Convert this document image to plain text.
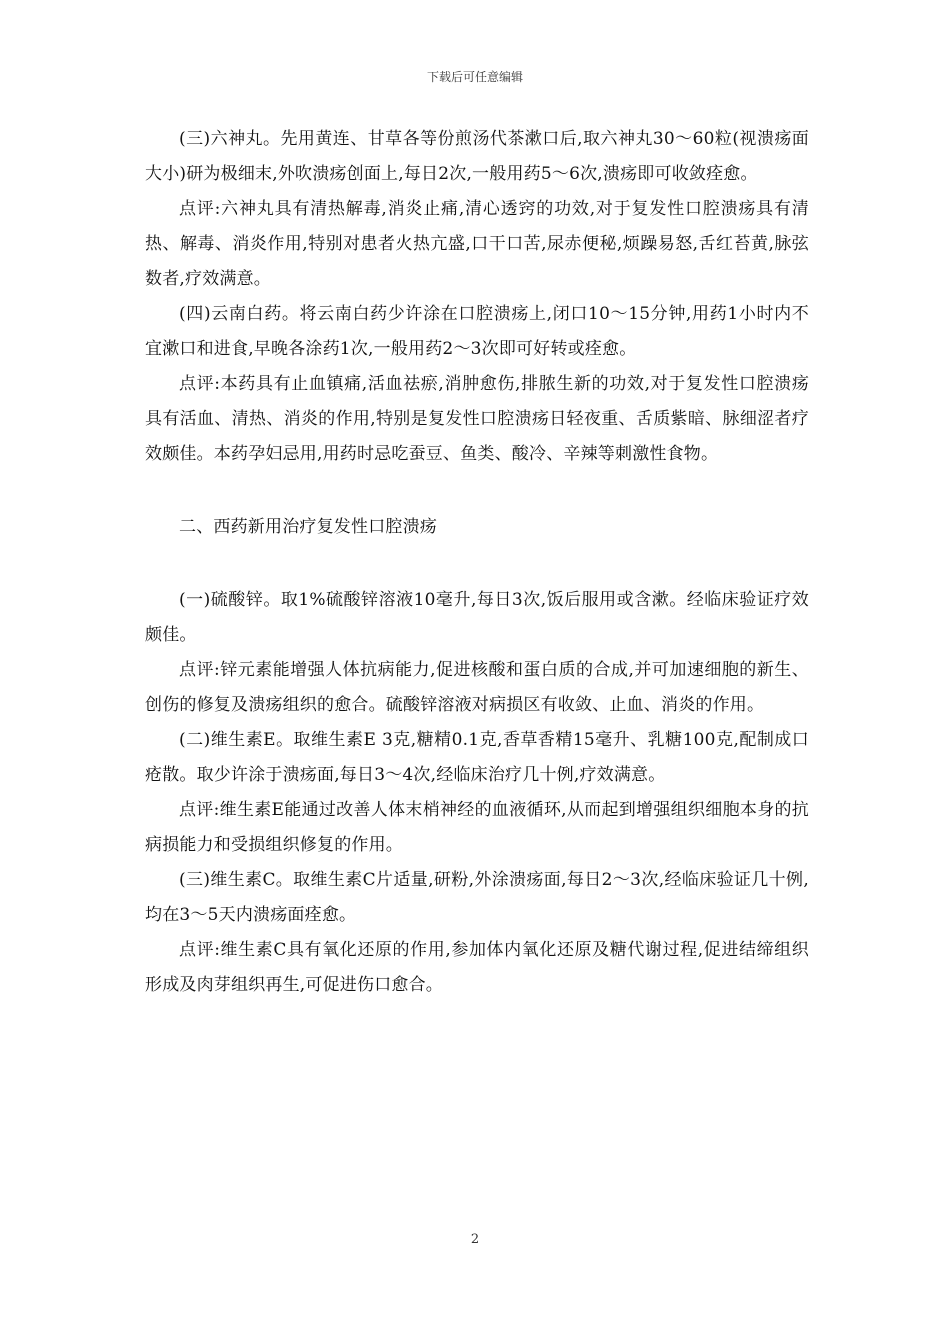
下载后可任意编辑

(三)六神丸。先用黄连、甘草各等份煎汤代茶漱口后,取六神丸30～60粒(视溃疡面大小)研为极细末,外吹溃疡创面上,每日2次,一般用药5～6次,溃疡即可收敛痊愈。

点评:六神丸具有清热解毒,消炎止痛,清心透窍的功效,对于复发性口腔溃疡具有清热、解毒、消炎作用,特别对患者火热亢盛,口干口苦,尿赤便秘,烦躁易怒,舌红苔黄,脉弦数者,疗效满意。

(四)云南白药。将云南白药少许涂在口腔溃疡上,闭口10～15分钟,用药1小时内不宜漱口和进食,早晚各涂药1次,一般用药2～3次即可好转或痊愈。

点评:本药具有止血镇痛,活血祛瘀,消肿愈伤,排脓生新的功效,对于复发性口腔溃疡具有活血、清热、消炎的作用,特别是复发性口腔溃疡日轻夜重、舌质紫暗、脉细涩者疗效颇佳。本药孕妇忌用,用药时忌吃蚕豆、鱼类、酸冷、辛辣等刺激性食物。

二、西药新用治疗复发性口腔溃疡

(一)硫酸锌。取1%硫酸锌溶液10毫升,每日3次,饭后服用或含漱。经临床验证疗效颇佳。

点评:锌元素能增强人体抗病能力,促进核酸和蛋白质的合成,并可加速细胞的新生、创伤的修复及溃疡组织的愈合。硫酸锌溶液对病损区有收敛、止血、消炎的作用。

(二)维生素E。取维生素E 3克,糖精0.1克,香草香精15毫升、乳糖100克,配制成口疮散。取少许涂于溃疡面,每日3～4次,经临床治疗几十例,疗效满意。

点评:维生素E能通过改善人体末梢神经的血液循环,从而起到增强组织细胞本身的抗病损能力和受损组织修复的作用。

(三)维生素C。取维生素C片适量,研粉,外涂溃疡面,每日2～3次,经临床验证几十例,均在3～5天内溃疡面痊愈。

点评:维生素C具有氧化还原的作用,参加体内氧化还原及糖代谢过程,促进结缔组织形成及肉芽组织再生,可促进伤口愈合。

2
